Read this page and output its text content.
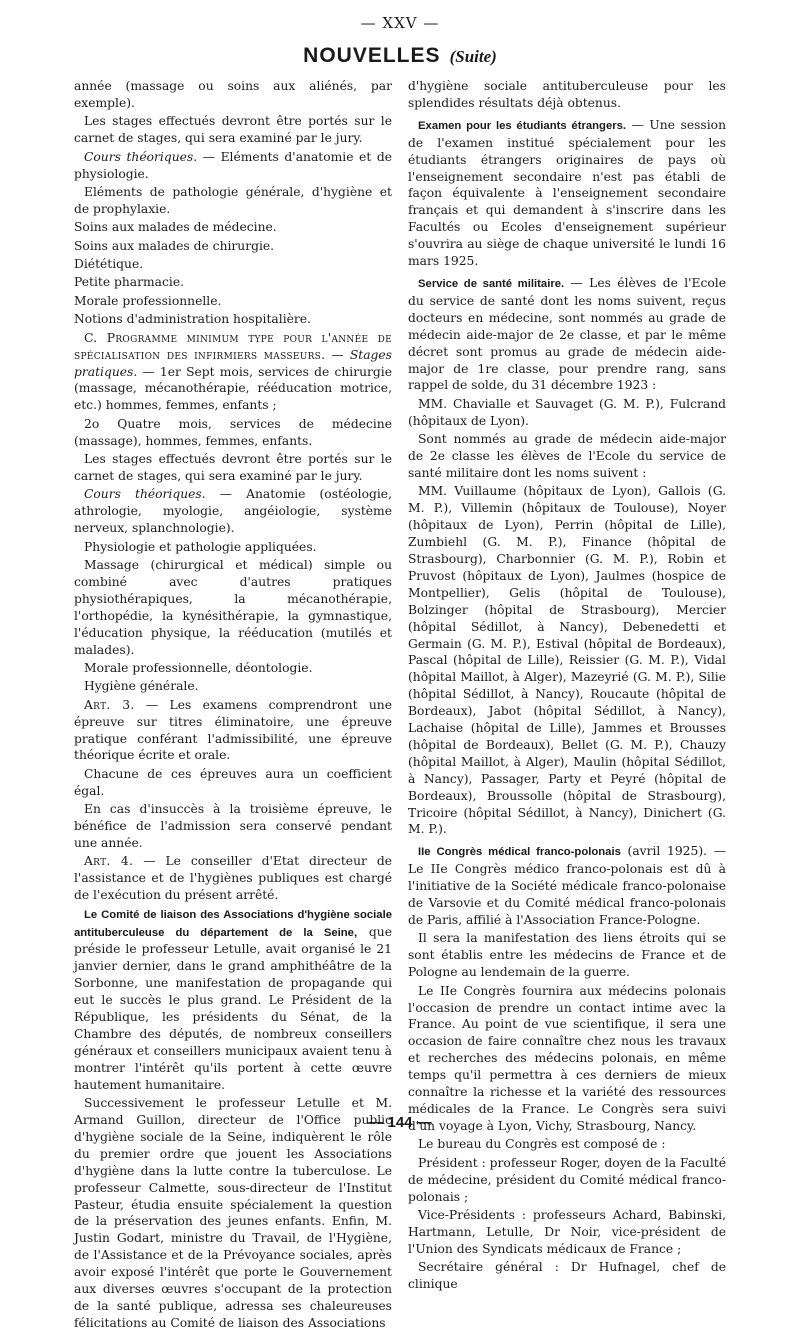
— XXV —
NOUVELLES (Suite)

année (massage ou soins aux aliénés, par exemple).

Les stages effectués devront être portés sur le carnet de stages, qui sera examiné par le jury.

Cours théoriques. — Eléments d'anatomie et de physiologie.

Eléments de pathologie générale, d'hygiène et de prophylaxie.

Soins aux malades de médecine.

Soins aux malades de chirurgie.

Diététique.

Petite pharmacie.

Morale professionnelle.

Notions d'administration hospitalière.

C. Programme minimum type pour l'année de spécialisation des infirmiers masseurs. — Stages pratiques. — 1er Sept mois, services de chirurgie (massage, mécanothérapie, rééducation motrice, etc.) hommes, femmes, enfants ;

2o Quatre mois, services de médecine (massage), hommes, femmes, enfants.

Les stages effectués devront être portés sur le carnet de stages, qui sera examiné par le jury.

Cours théoriques. — Anatomie (ostéologie, athrologie, myologie, angéiologie, système nerveux, splanchnologie).

Physiologie et pathologie appliquées.

Massage (chirurgical et médical) simple ou combiné avec d'autres pratiques physiothérapiques, la mécanothérapie, l'orthopédie, la kynésithérapie, la gymnastique, l'éducation physique, la rééducation (mutilés et malades).

Morale professionnelle, déontologie.

Hygiène générale.

Art. 3. — Les examens comprendront une épreuve sur titres éliminatoire, une épreuve pratique conférant l'admissibilité, une épreuve théorique écrite et orale.

Chacune de ces épreuves aura un coefficient égal.

En cas d'insuccès à la troisième épreuve, le bénéfice de l'admission sera conservé pendant une année.

Art. 4. — Le conseiller d'Etat directeur de l'assistance et de l'hygiènes publiques est chargé de l'exécution du présent arrêté.

Le Comité de liaison des Associations d'hygiène sociale antituberculeuse du département de la Seine, que préside le professeur Letulle, avait organisé le 21 janvier dernier, dans le grand amphithéâtre de la Sorbonne, une manifestation de propagande qui eut le succès le plus grand. Le Président de la République, les présidents du Sénat, de la Chambre des députés, de nombreux conseillers généraux et conseillers municipaux avaient tenu à montrer l'intérêt qu'ils portent à cette œuvre hautement humanitaire.

Successivement le professeur Letulle et M. Armand Guillon, directeur de l'Office public d'hygiène sociale de la Seine, indiquèrent le rôle du premier ordre que jouent les Associations d'hygiène dans la lutte contre la tuberculose. Le professeur Calmette, sous-directeur de l'Institut Pasteur, étudia ensuite spécialement la question de la préservation des jeunes enfants. Enfin, M. Justin Godart, ministre du Travail, de l'Hygiène, de l'Assistance et de la Prévoyance sociales, après avoir exposé l'intérêt que porte le Gouvernement aux diverses œuvres s'occupant de la protection de la santé publique, adressa ses chaleureuses félicitations au Comité de liaison des Associations

d'hygiène sociale antituberculeuse pour les splendides résultats déjà obtenus.

Examen pour les étudiants étrangers. — Une session de l'examen institué spécialement pour les étudiants étrangers originaires de pays où l'enseignement secondaire n'est pas établi de façon équivalente à l'enseignement secondaire français et qui demandent à s'inscrire dans les Facultés ou Ecoles d'enseignement supérieur s'ouvrira au siège de chaque université le lundi 16 mars 1925.

Service de santé militaire. — Les élèves de l'Ecole du service de santé dont les noms suivent, reçus docteurs en médecine, sont nommés au grade de médecin aide-major de 2e classe, et par le même décret sont promus au grade de médecin aide-major de 1re classe, pour prendre rang, sans rappel de solde, du 31 décembre 1923 :

MM. Chavialle et Sauvaget (G. M. P.), Fulcrand (hôpitaux de Lyon).

Sont nommés au grade de médecin aide-major de 2e classe les élèves de l'Ecole du service de santé militaire dont les noms suivent :

MM. Vuillaume (hôpitaux de Lyon), Gallois (G. M. P.), Villemin (hôpitaux de Toulouse), Noyer (hôpitaux de Lyon), Perrin (hôpital de Lille), Zumbiehl (G. M. P.), Finance (hôpital de Strasbourg), Charbonnier (G. M. P.), Robin et Pruvost (hôpitaux de Lyon), Jaulmes (hospice de Montpellier), Gelis (hôpital de Toulouse), Bolzinger (hôpital de Strasbourg), Mercier (hôpital Sédillot, à Nancy), Debenedetti et Germain (G. M. P.), Estival (hôpital de Bordeaux), Pascal (hôpital de Lille), Reissier (G. M. P.), Vidal (hôpital Maillot, à Alger), Mazeyrié (G. M. P.), Silie (hôpital Sédillot, à Nancy), Roucaute (hôpital de Bordeaux), Jabot (hôpital Sédillot, à Nancy), Lachaise (hôpital de Lille), Jammes et Brousses (hôpital de Bordeaux), Bellet (G. M. P.), Chauzy (hôpital Maillot, à Alger), Maulin (hôpital Sédillot, à Nancy), Passager, Party et Peyré (hôpital de Bordeaux), Broussolle (hôpital de Strasbourg), Tricoire (hôpital Sédillot, à Nancy), Dinichert (G. M. P.).

IIe Congrès médical franco-polonais (avril 1925). — Le IIe Congrès médico franco-polonais est dû à l'initiative de la Société médicale franco-polonaise de Varsovie et du Comité médical franco-polonais de Paris, affilié à l'Association France-Pologne.

Il sera la manifestation des liens étroits qui se sont établis entre les médecins de France et de Pologne au lendemain de la guerre.

Le IIe Congrès fournira aux médecins polonais l'occasion de prendre un contact intime avec la France. Au point de vue scientifique, il sera une occasion de faire connaître chez nous les travaux et recherches des médecins polonais, en même temps qu'il permettra à ces derniers de mieux connaître la richesse et la variété des ressources médicales de la France. Le Congrès sera suivi d'un voyage à Lyon, Vichy, Strasbourg, Nancy.

Le bureau du Congrès est composé de :

Président : professeur Roger, doyen de la Faculté de médecine, président du Comité médical franco-polonais ;

Vice-Présidents : professeurs Achard, Babinski, Hartmann, Letulle, Dr Noir, vice-président de l'Union des Syndicats médicaux de France ;

Secrétaire général : Dr Hufnagel, chef de clinique

— 144 —
